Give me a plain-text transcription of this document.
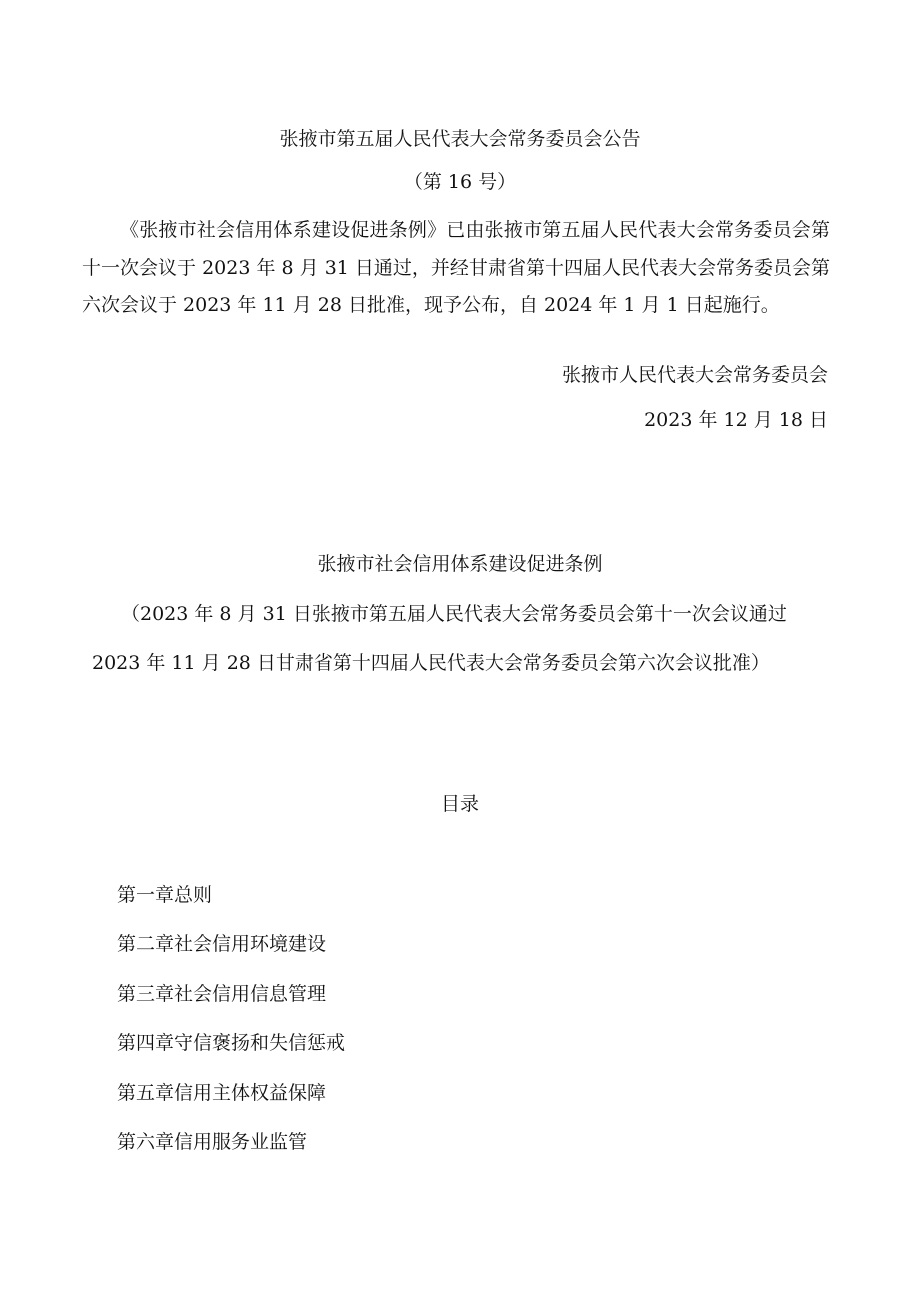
张掖市第五届人民代表大会常务委员会公告
（第 16 号）
《张掖市社会信用体系建设促进条例》已由张掖市第五届人民代表大会常务委员会第十一次会议于 2023 年 8 月 31 日通过，并经甘肃省第十四届人民代表大会常务委员会第六次会议于 2023 年 11 月 28 日批准，现予公布，自 2024 年 1 月 1 日起施行。
张掖市人民代表大会常务委员会
2023 年 12 月 18 日
张掖市社会信用体系建设促进条例
（2023 年 8 月 31 日张掖市第五届人民代表大会常务委员会第十一次会议通过
2023 年 11 月 28 日甘肃省第十四届人民代表大会常务委员会第六次会议批准）
目录
第一章总则
第二章社会信用环境建设
第三章社会信用信息管理
第四章守信褒扬和失信惩戒
第五章信用主体权益保障
第六章信用服务业监管
